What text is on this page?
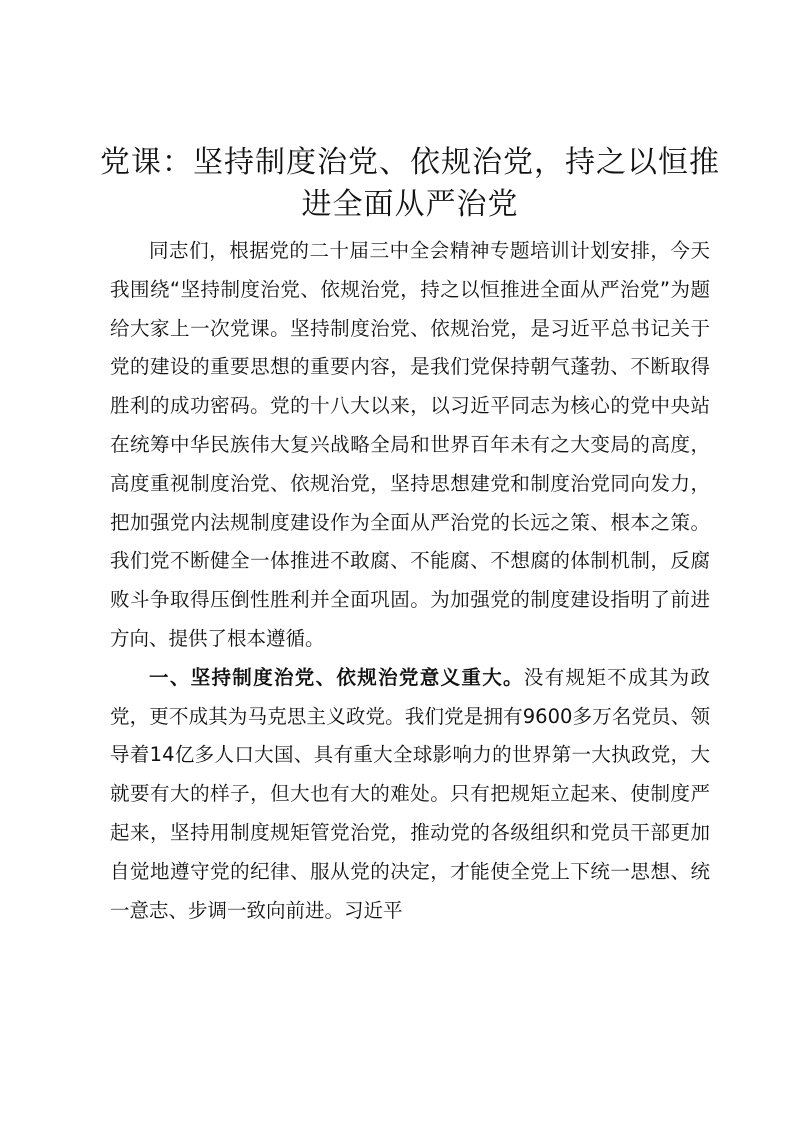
党课：坚持制度治党、依规治党，持之以恒推进全面从严治党

同志们，根据党的二十届三中全会精神专题培训计划安排，今天我围绕“坚持制度治党、依规治党，持之以恒推进全面从严治党”为题给大家上一次党课。坚持制度治党、依规治党，是习近平总书记关于党的建设的重要思想的重要内容，是我们党保持朝气蓬勃、不断取得胜利的成功密码。党的十八大以来，以习近平同志为核心的党中央站在统筹中华民族伟大复兴战略全局和世界百年未有之大变局的高度，高度重视制度治党、依规治党，坚持思想建党和制度治党同向发力，把加强党内法规制度建设作为全面从严治党的长远之策、根本之策。我们党不断健全一体推进不敢腐、不能腐、不想腐的体制机制，反腐败斗争取得压倒性胜利并全面巩固。为加强党的制度建设指明了前进方向、提供了根本遵循。

一、坚持制度治党、依规治党意义重大。没有规矩不成其为政党，更不成其为马克思主义政党。我们党是拥有9600多万名党员、领导着14亿多人口大国、具有重大全球影响力的世界第一大执政党，大就要有大的样子，但大也有大的难处。只有把规矩立起来、使制度严起来，坚持用制度规矩管党治党，推动党的各级组织和党员干部更加自觉地遵守党的纪律、服从党的决定，才能使全党上下统一思想、统一意志、步调一致向前进。习近平
